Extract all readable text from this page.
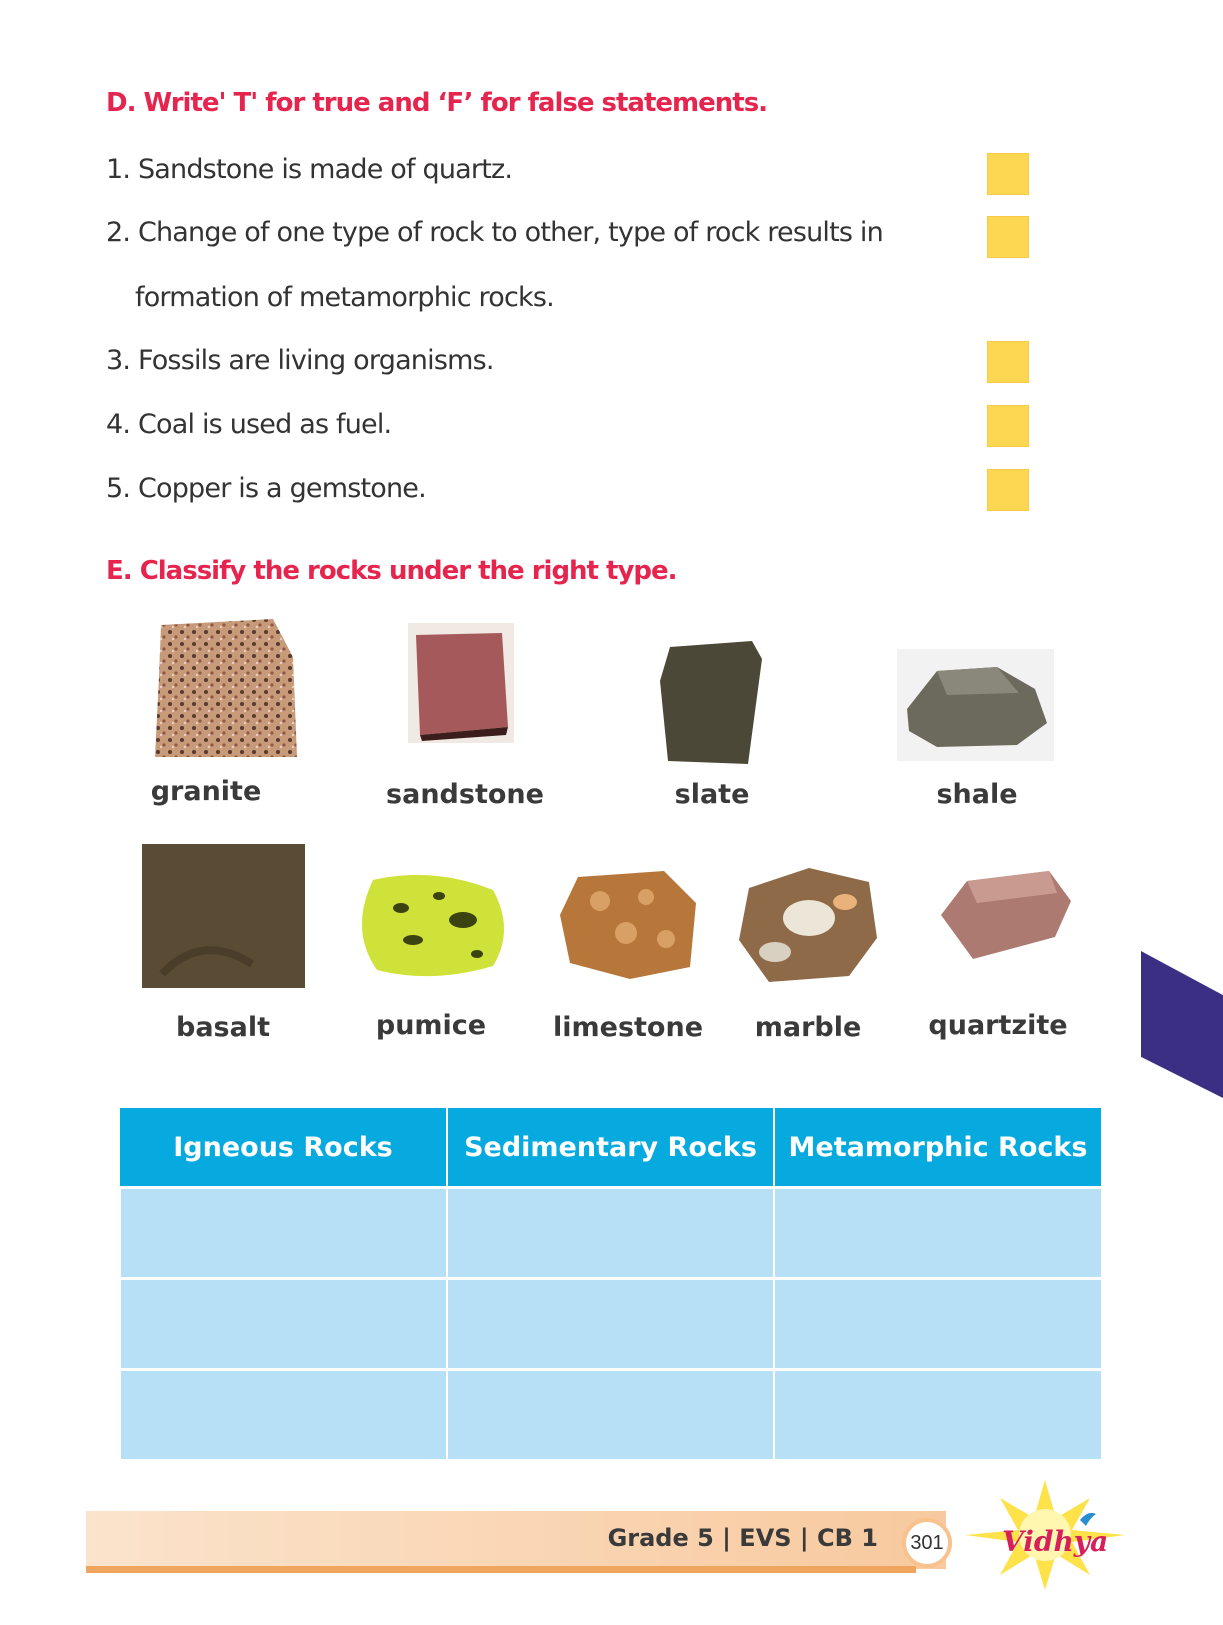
D. Write' T' for true and ‘F’ for false statements.

1. Sandstone is made of quartz.

2. Change of one type of rock to other, type of rock results in

formation of metamorphic rocks.

3. Fossils are living organisms.

4. Coal is used as fuel.

5. Copper is a gemstone.

E. Classify the rocks under the right type.
granite	sandstone	slate	shale
basalt	pumice limestone marble quartzite
Igneous Rocks	Sedimentary Rocks	Metamorphic Rocks

Grade 5 | EVS | CB 1	301 Vidhya
